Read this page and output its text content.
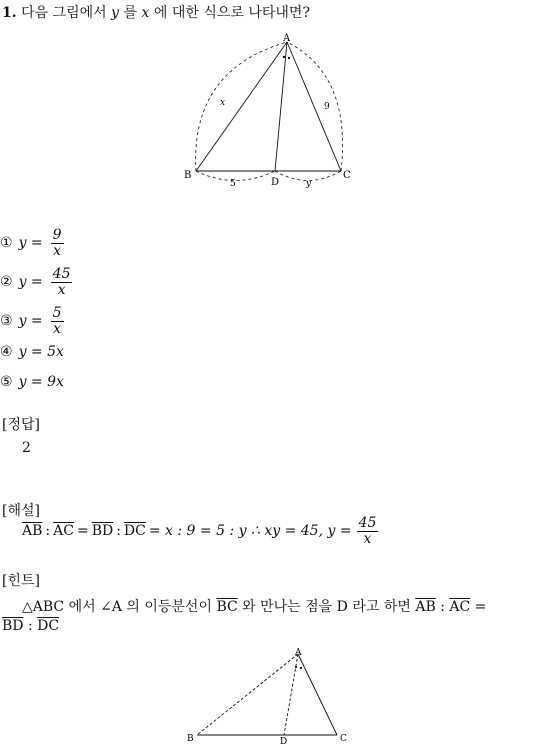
1. 다음 그림에서 y 를 x 에 대한 식으로 나타내면?
A
B	C
D
x	9
5	y
① $y = \frac{9}{x}$
② $y = \frac{45}{x}$
③ $y = \frac{5}{x}$
④ y = 5x
⑤ y = 9x
[정답]
2
[해설]
$\overline{AB}$ : $\overline{AC} = \overline{BD}$ : $\overline{DC} = x$ : 9 = 5 : y ∴ xy = 45, $y = \frac{45}{x}$
[힌트]
△ABC 에서 ∠A 의 이등분선이 $\overline{BC}$ 와 만나는 점을 D 라고 하면 $\overline{AB}$ : $\overline{AC}$ =
$\overline{BD}$ : $\overline{DC}$
A
B	C
D
